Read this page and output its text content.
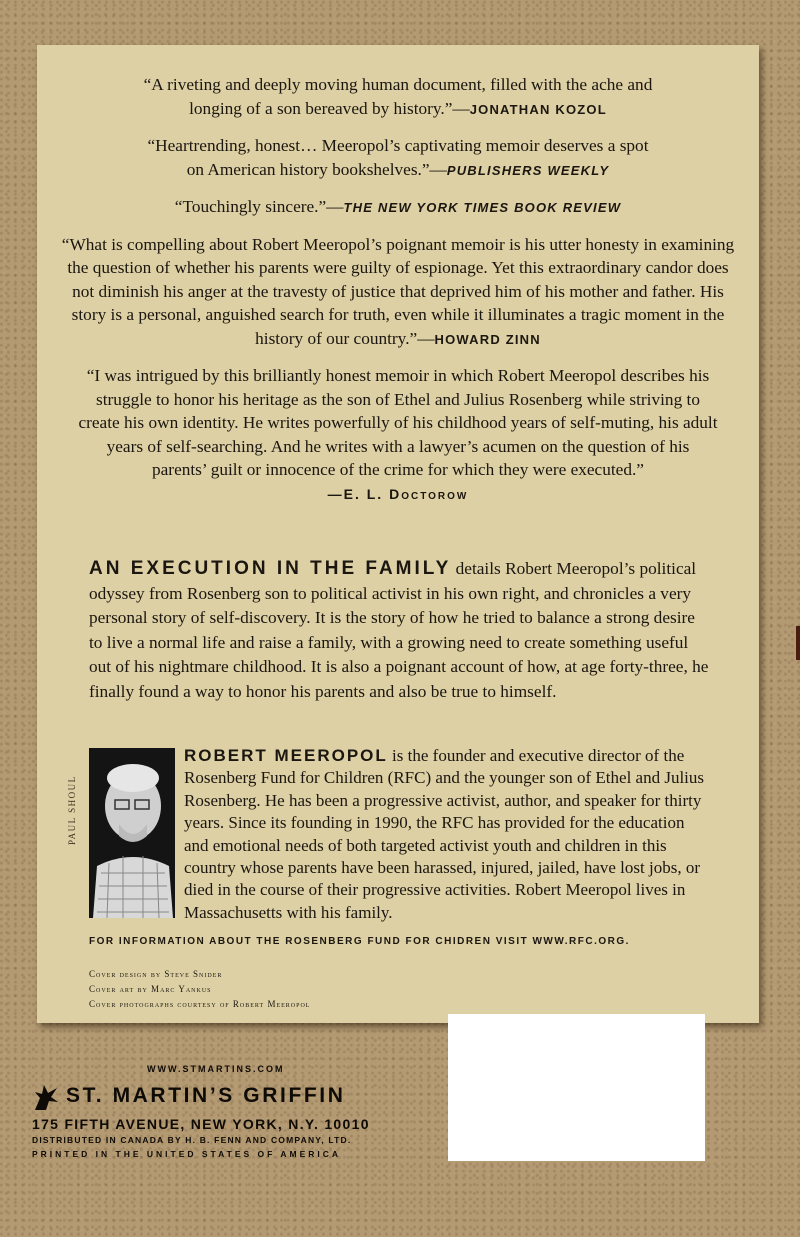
“A riveting and deeply moving human document, filled with the ache and longing of a son bereaved by history.”—JONATHAN KOZOL

“Heartrending, honest… Meeropol’s captivating memoir deserves a spot on American history bookshelves.”—PUBLISHERS WEEKLY

“Touchingly sincere.”—THE NEW YORK TIMES BOOK REVIEW

“What is compelling about Robert Meeropol’s poignant memoir is his utter honesty in examining the question of whether his parents were guilty of espionage. Yet this extraordinary candor does not diminish his anger at the travesty of justice that deprived him of his mother and father. His story is a personal, anguished search for truth, even while it illuminates a tragic moment in the history of our country.”—HOWARD ZINN

“I was intrigued by this brilliantly honest memoir in which Robert Meeropol describes his struggle to honor his heritage as the son of Ethel and Julius Rosenberg while striving to create his own identity. He writes powerfully of his childhood years of self-muting, his adult years of self-searching. And he writes with a lawyer’s acumen on the question of his parents’ guilt or innocence of the crime for which they were executed.”
—E. L. Doctorow

AN EXECUTION IN THE FAMILY details Robert Meeropol’s political odyssey from Rosenberg son to political activist in his own right, and chronicles a very personal story of self-discovery. It is the story of how he tried to balance a strong desire to live a normal life and raise a family, with a growing need to create something useful out of his nightmare childhood. It is also a poignant account of how, at age forty-three, he finally found a way to honor his parents and also be true to himself.
PAUL SHOUL
ROBERT MEEROPOL is the founder and executive director of the Rosenberg Fund for Children (RFC) and the younger son of Ethel and Julius Rosenberg. He has been a progressive activist, author, and speaker for thirty years. Since its founding in 1990, the RFC has provided for the education and emotional needs of both targeted activist youth and children in this country whose parents have been harassed, injured, jailed, have lost jobs, or died in the course of their progressive activities. Robert Meeropol lives in Massachusetts with his family.
FOR INFORMATION ABOUT THE ROSENBERG FUND FOR CHIDREN VISIT WWW.RFC.ORG.
Cover design by Steve Snider
Cover art by Marc Yankus
Cover photographs courtesy of Robert Meeropol
WWW.STMARTINS.COM
ST. MARTIN’S GRIFFIN
175 FIFTH AVENUE, NEW YORK, N.Y. 10010
DISTRIBUTED IN CANADA BY H. B. FENN AND COMPANY, LTD.
PRINTED IN THE UNITED STATES OF AMERICA
